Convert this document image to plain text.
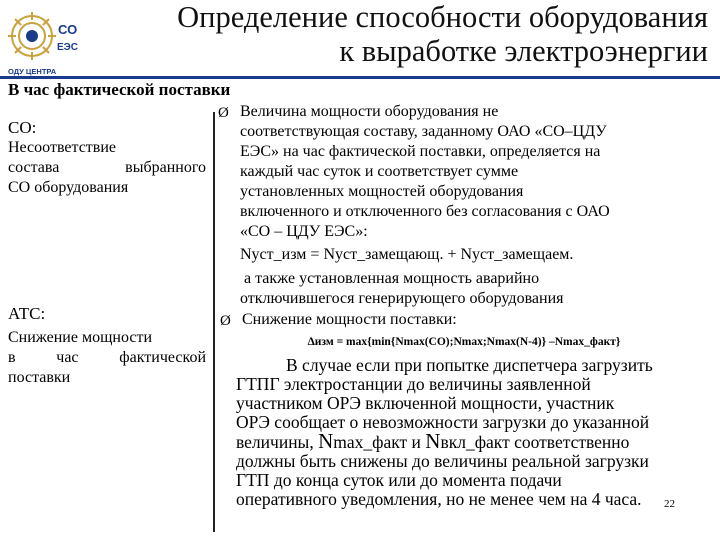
СО
ЕЭС
ОДУ ЦЕНТРА
Определение способности оборудования
к выработке электроэнергии
В час фактической поставки
СО:
Несоответствие
состава выбранного
СО оборудования
АТС:
Снижение мощности
в час фактической
поставки
Ø Величина мощности оборудования не
соответствующая составу, заданному ОАО «СО–ЦДУ
ЕЭС» на час фактической поставки, определяется на
каждый час суток и соответствует сумме
установленных мощностей оборудования
включенного и отключенного без согласования с ОАО
«СО – ЦДУ ЕЭС»:
Nуст_изм = Nуст_замещающ. + Nуст_замещаем.
а также установленная мощность аварийно
отключившегося генерирующего оборудования
Ø Снижение мощности поставки:
Δизм = max{min{Nmax(CO);Nmax;Nmax(N-4)} –Nmax_факт}
В случае если при попытке диспетчера загрузить
ГТПГ электростанции до величины заявленной
участником ОРЭ включенной мощности, участник
ОРЭ сообщает о невозможности загрузки до указанной
величины, Nmax_факт и Nвкл_факт соответственно
должны быть снижены до величины реальной загрузки
ГТП до конца суток или до момента подачи
оперативного уведомления, но не менее чем на 4 часа.	22
